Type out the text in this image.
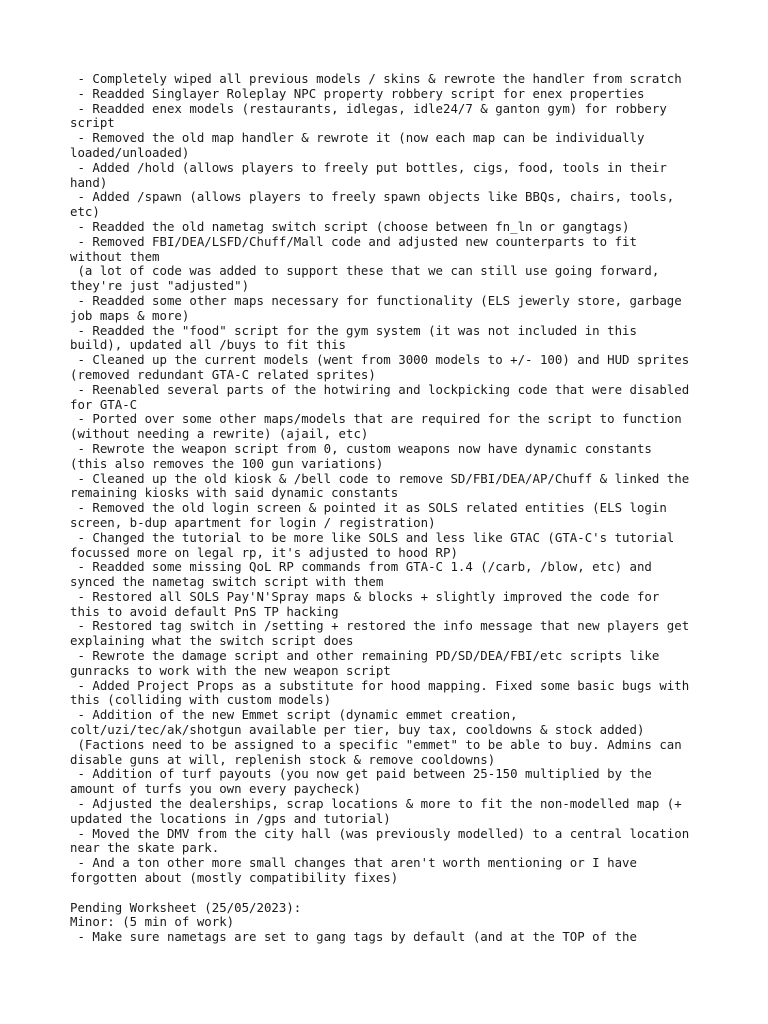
- Completely wiped all previous models / skins & rewrote the handler from scratch
- Readded Singlayer Roleplay NPC property robbery script for enex properties
- Readded enex models (restaurants, idlegas, idle24/7 & ganton gym) for robbery
script
- Removed the old map handler & rewrote it (now each map can be individually
loaded/unloaded)
- Added /hold (allows players to freely put bottles, cigs, food, tools in their
hand)
- Added /spawn (allows players to freely spawn objects like BBQs, chairs, tools,
etc)
- Readded the old nametag switch script (choose between fn_ln or gangtags)
- Removed FBI/DEA/LSFD/Chuff/Mall code and adjusted new counterparts to fit
without them
(a lot of code was added to support these that we can still use going forward,
they're just "adjusted")
- Readded some other maps necessary for functionality (ELS jewerly store, garbage
job maps & more)
- Readded the "food" script for the gym system (it was not included in this
build), updated all /buys to fit this
- Cleaned up the current models (went from 3000 models to +/- 100) and HUD sprites
(removed redundant GTA-C related sprites)
- Reenabled several parts of the hotwiring and lockpicking code that were disabled
for GTA-C
- Ported over some other maps/models that are required for the script to function
(without needing a rewrite) (ajail, etc)
- Rewrote the weapon script from 0, custom weapons now have dynamic constants
(this also removes the 100 gun variations)
- Cleaned up the old kiosk & /bell code to remove SD/FBI/DEA/AP/Chuff & linked the
remaining kiosks with said dynamic constants
- Removed the old login screen & pointed it as SOLS related entities (ELS login
screen, b-dup apartment for login / registration)
- Changed the tutorial to be more like SOLS and less like GTAC (GTA-C's tutorial
focussed more on legal rp, it's adjusted to hood RP)
- Readded some missing QoL RP commands from GTA-C 1.4 (/carb, /blow, etc) and
synced the nametag switch script with them
- Restored all SOLS Pay'N'Spray maps & blocks + slightly improved the code for
this to avoid default PnS TP hacking
- Restored tag switch in /setting + restored the info message that new players get
explaining what the switch script does
- Rewrote the damage script and other remaining PD/SD/DEA/FBI/etc scripts like
gunracks to work with the new weapon script
- Added Project Props as a substitute for hood mapping. Fixed some basic bugs with
this (colliding with custom models)
- Addition of the new Emmet script (dynamic emmet creation,
colt/uzi/tec/ak/shotgun available per tier, buy tax, cooldowns & stock added)
(Factions need to be assigned to a specific "emmet" to be able to buy. Admins can
disable guns at will, replenish stock & remove cooldowns)
- Addition of turf payouts (you now get paid between 25-150 multiplied by the
amount of turfs you own every paycheck)
- Adjusted the dealerships, scrap locations & more to fit the non-modelled map (+
updated the locations in /gps and tutorial)
- Moved the DMV from the city hall (was previously modelled) to a central location
near the skate park.
- And a ton other more small changes that aren't worth mentioning or I have
forgotten about (mostly compatibility fixes)
Pending Worksheet (25/05/2023):
Minor: (5 min of work)
- Make sure nametags are set to gang tags by default (and at the TOP of the
